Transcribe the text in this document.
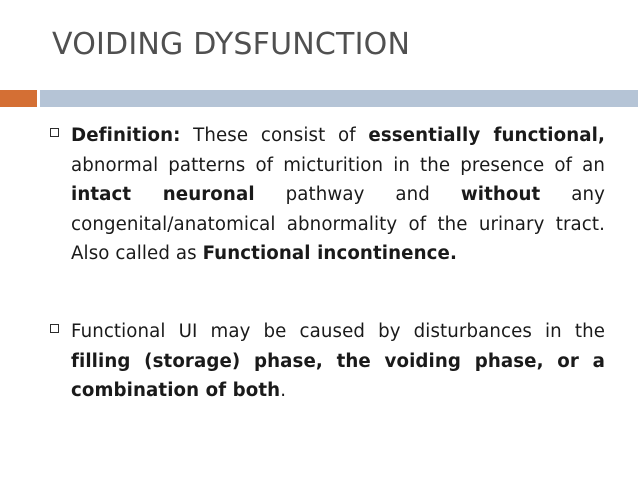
VOIDING DYSFUNCTION

Definition: These consist of essentially functional, abnormal patterns of micturition in the presence of an intact neuronal pathway and without any congenital/anatomical abnormality of the urinary tract. Also called as Functional incontinence.

Functional UI may be caused by disturbances in the filling (storage) phase, the voiding phase, or a combination of both.
